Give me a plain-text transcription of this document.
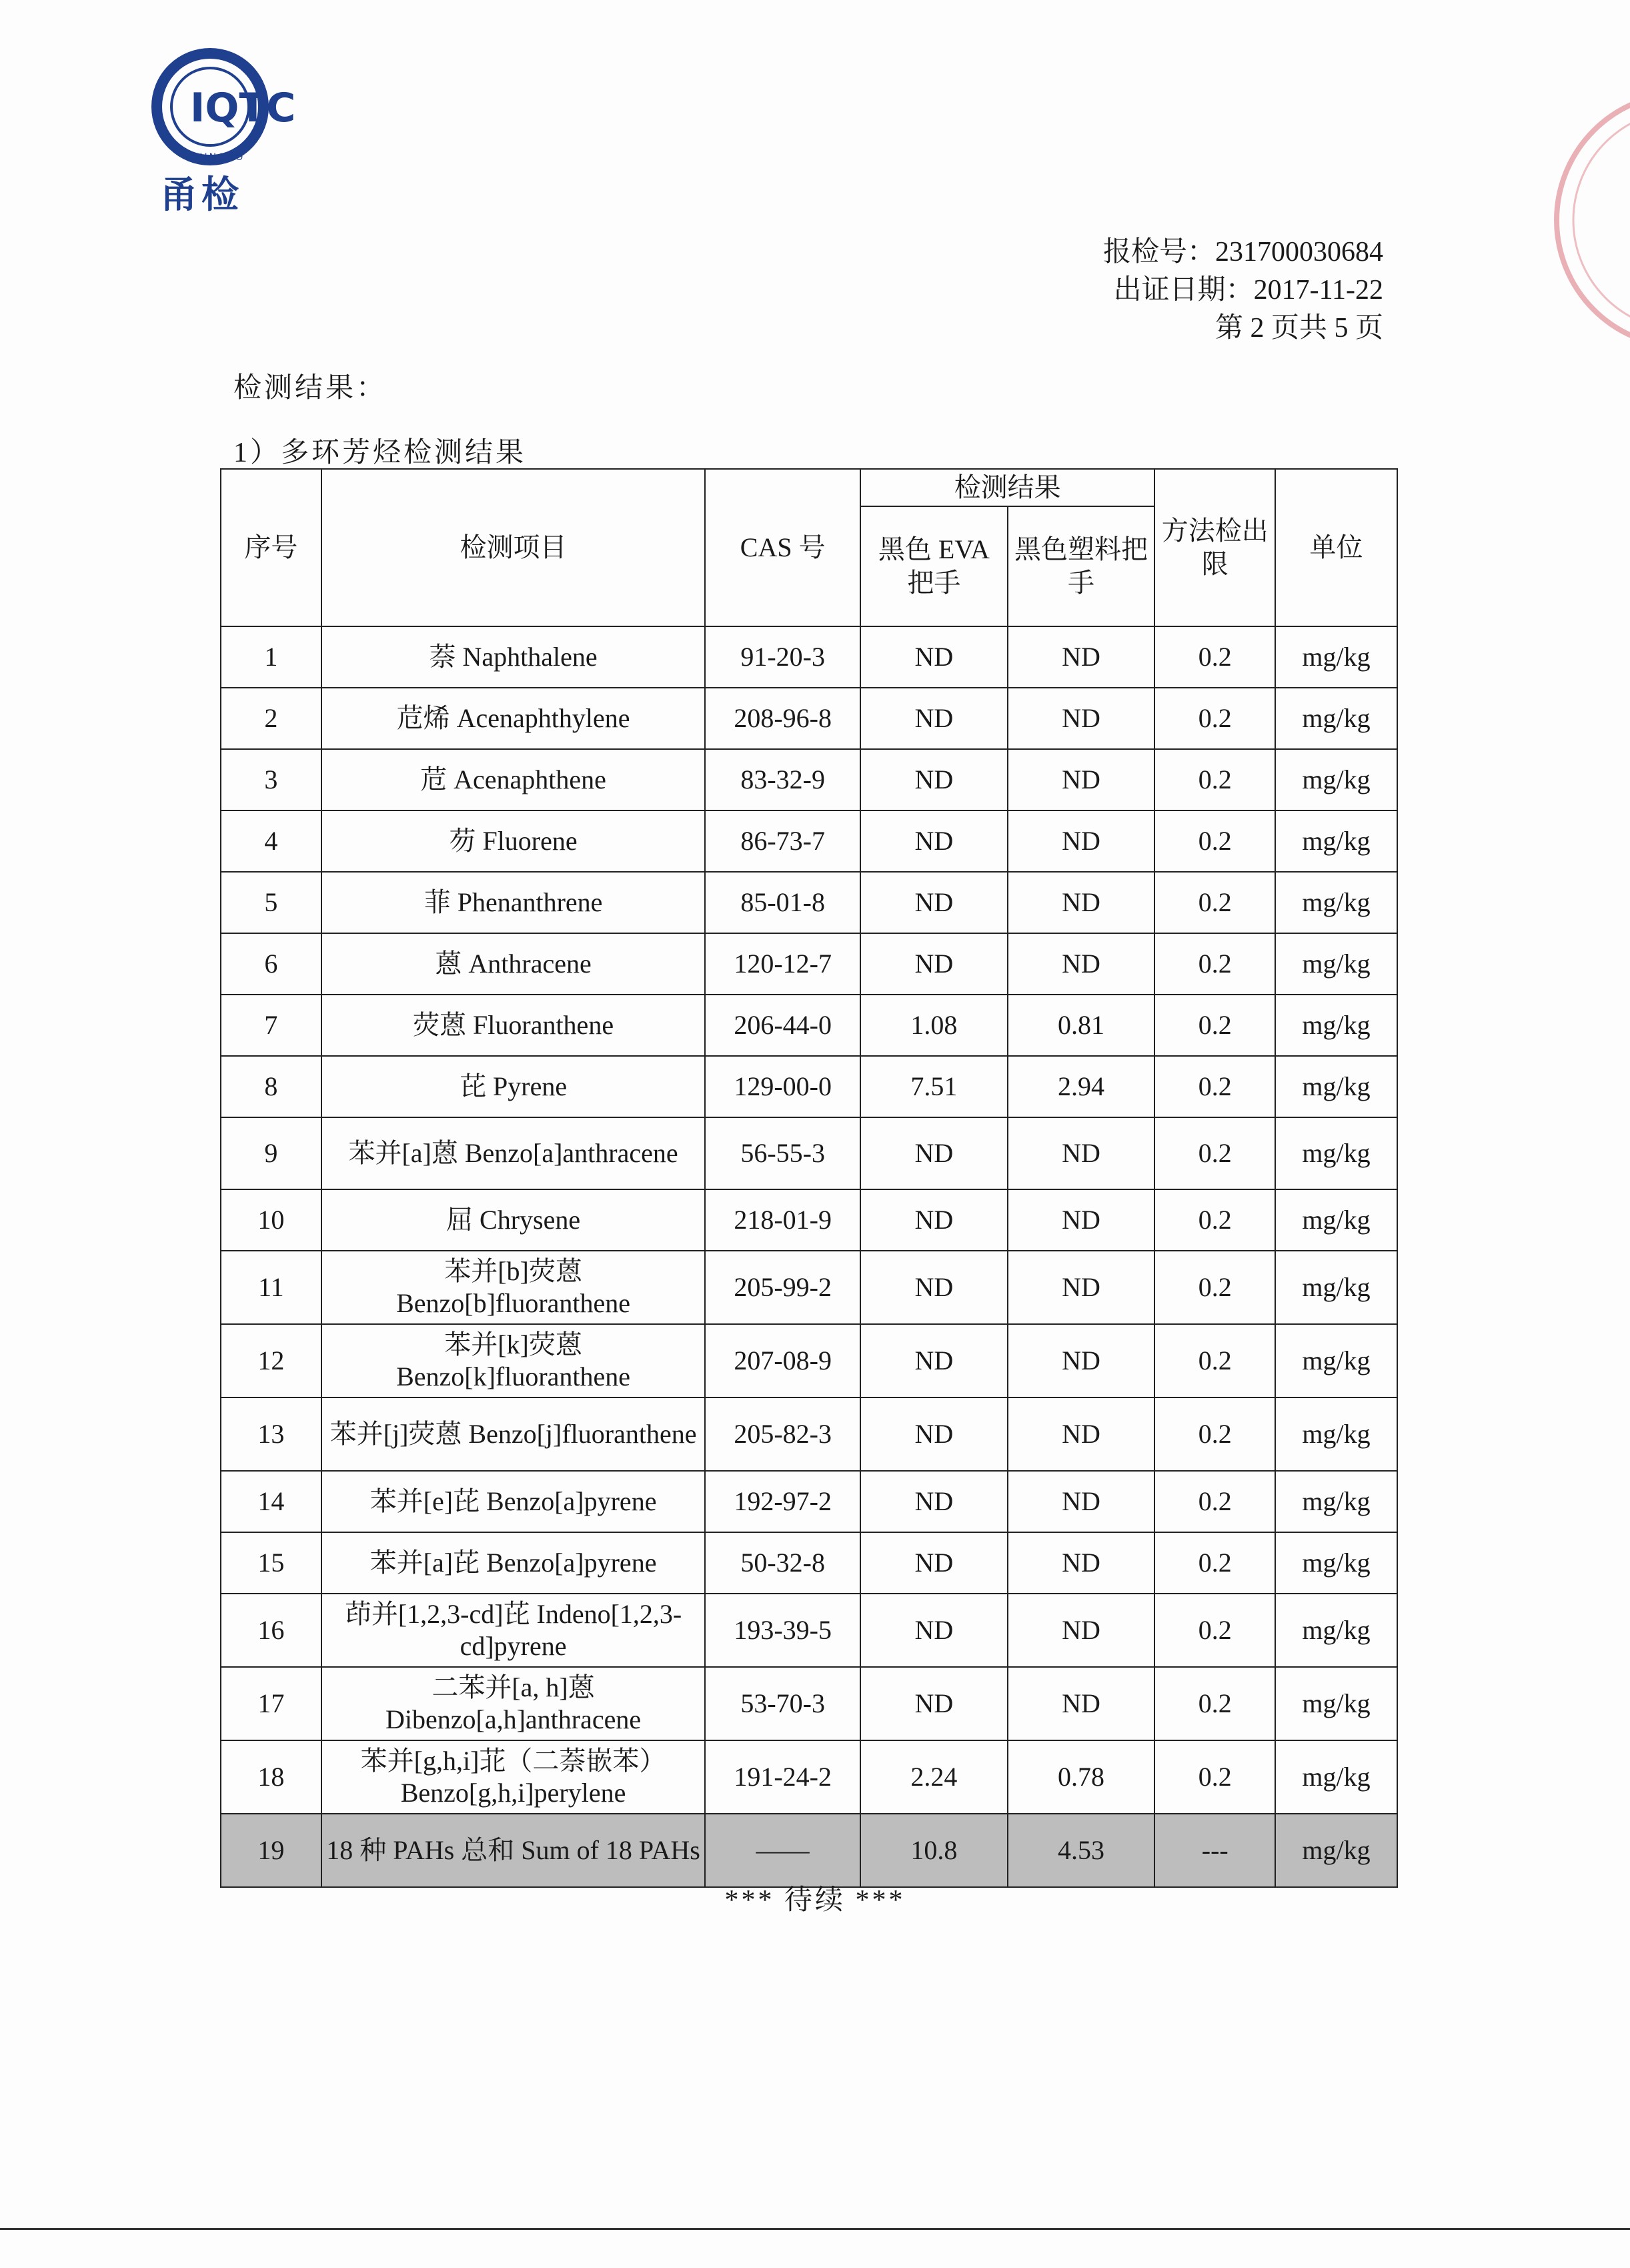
IQTC
NINGBO
甬检
报检号：231700030684
出证日期：2017-11-22
第 2 页共 5 页
检测结果：
1）多环芳烃检测结果
序号	检测项目	CAS 号	检测结果		方法检出限	单位
			黑色 EVA 把手	黑色塑料把手		
1	萘 Naphthalene	91-20-3	ND	ND	0.2	mg/kg
2	苊烯 Acenaphthylene	208-96-8	ND	ND	0.2	mg/kg
3	苊 Acenaphthene	83-32-9	ND	ND	0.2	mg/kg
4	芴 Fluorene	86-73-7	ND	ND	0.2	mg/kg
5	菲 Phenanthrene	85-01-8	ND	ND	0.2	mg/kg
6	蒽 Anthracene	120-12-7	ND	ND	0.2	mg/kg
7	荧蒽 Fluoranthene	206-44-0	1.08	0.81	0.2	mg/kg
8	芘 Pyrene	129-00-0	7.51	2.94	0.2	mg/kg
9	苯并[a]蒽 Benzo[a]anthracene	56-55-3	ND	ND	0.2	mg/kg
10	屈 Chrysene	218-01-9	ND	ND	0.2	mg/kg
11	苯并[b]荧蒽 Benzo[b]fluoranthene	205-99-2	ND	ND	0.2	mg/kg
12	苯并[k]荧蒽 Benzo[k]fluoranthene	207-08-9	ND	ND	0.2	mg/kg
13	苯并[j]荧蒽 Benzo[j]fluoranthene	205-82-3	ND	ND	0.2	mg/kg
14	苯并[e]芘 Benzo[a]pyrene	192-97-2	ND	ND	0.2	mg/kg
15	苯并[a]芘 Benzo[a]pyrene	50-32-8	ND	ND	0.2	mg/kg
16	茚并[1,2,3-cd]芘 Indeno[1,2,3-cd]pyrene	193-39-5	ND	ND	0.2	mg/kg
17	二苯并[a, h]蒽 Dibenzo[a,h]anthracene	53-70-3	ND	ND	0.2	mg/kg
18	苯并[g,h,i]苝（二萘嵌苯） Benzo[g,h,i]perylene	191-24-2	2.24	0.78	0.2	mg/kg
19	18 种 PAHs 总和 Sum of 18 PAHs	——	10.8	4.53	---	mg/kg
*** 待续 ***
